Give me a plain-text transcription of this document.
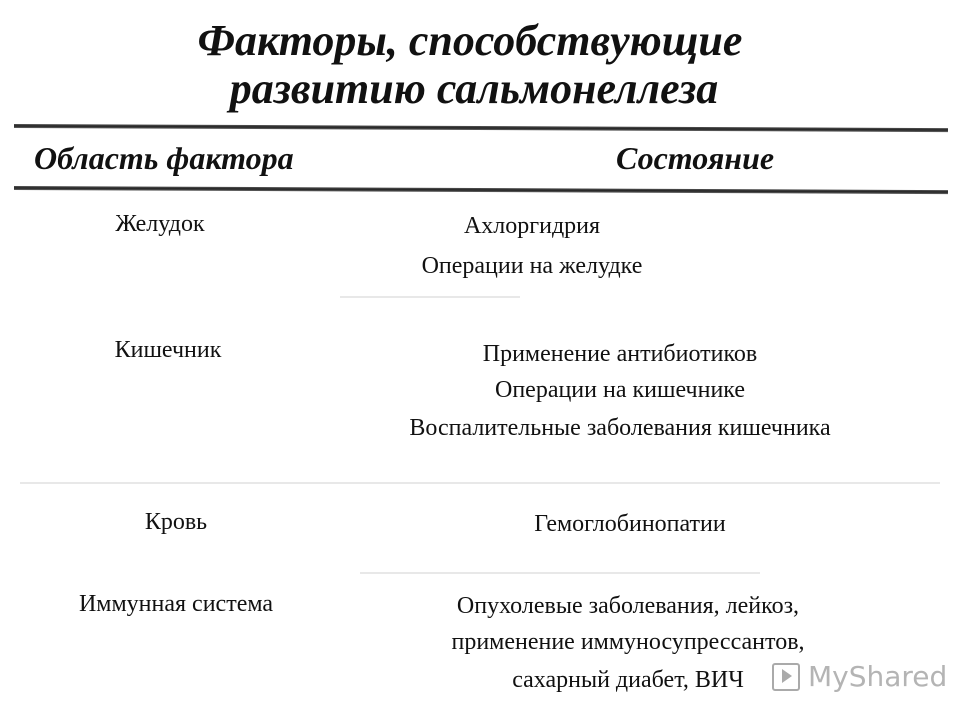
Факторы, способствующие
развитию сальмонеллеза
Область фактора	Состояние
Желудок	Ахлоргидрия
Операции на желудке
Кишечник	Применение антибиотиков
Операции на кишечнике
Воспалительные заболевания кишечника
Кровь	Гемоглобинопатии
Иммунная система	Опухолевые заболевания, лейкоз,
применение иммуносупрессантов,
сахарный диабет, ВИЧ	MyShared
